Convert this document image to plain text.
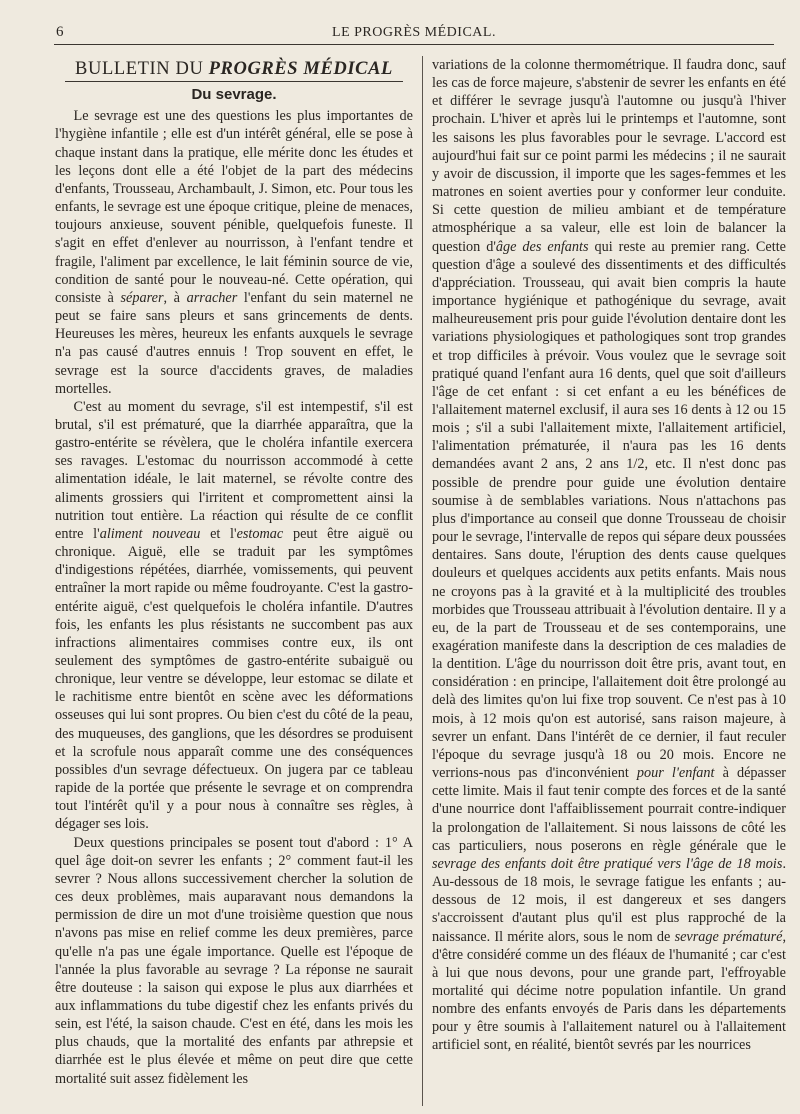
6	LE PROGRÈS MÉDICAL.
BULLETIN DU PROGRÈS MÉDICAL
Du sevrage.

Le sevrage est une des questions les plus importantes de l'hygiène infantile ; elle est d'un intérêt général, elle se pose à chaque instant dans la pratique, elle mérite donc les études et les leçons dont elle a été l'objet de la part des médecins d'enfants, Trousseau, Archambault, J. Simon, etc. Pour tous les enfants, le sevrage est une époque critique, pleine de menaces, toujours anxieuse, souvent pénible, quelquefois funeste. Il s'agit en effet d'enlever au nourrisson, à l'enfant tendre et fragile, l'aliment par excellence, le lait féminin source de vie, condition de santé pour le nouveau-né. Cette opération, qui consiste à séparer, à arracher l'enfant du sein maternel ne peut se faire sans pleurs et sans grincements de dents. Heureuses les mères, heureux les enfants auxquels le sevrage n'a pas causé d'autres ennuis ! Trop souvent en effet, le sevrage est la source d'accidents graves, de maladies mortelles.

C'est au moment du sevrage, s'il est intempestif, s'il est brutal, s'il est prématuré, que la diarrhée apparaîtra, que la gastro-entérite se révèlera, que le choléra infantile exercera ses ravages. L'estomac du nourrisson accommodé à cette alimentation idéale, le lait maternel, se révolte contre des aliments grossiers qui l'irritent et compromettent ainsi la nutrition tout entière. La réaction qui résulte de ce conflit entre l'aliment nouveau et l'estomac peut être aiguë ou chronique. Aiguë, elle se traduit par les symptômes d'indigestions répétées, diarrhée, vomissements, qui peuvent entraîner la mort rapide ou même foudroyante. C'est la gastro-entérite aiguë, c'est quelquefois le choléra infantile. D'autres fois, les enfants les plus résistants ne succombent pas aux infractions alimentaires commises contre eux, ils ont seulement des symptômes de gastro-entérite subaiguë ou chronique, leur ventre se développe, leur estomac se dilate et le rachitisme entre bientôt en scène avec les déformations osseuses qui lui sont propres. Ou bien c'est du côté de la peau, des muqueuses, des ganglions, que les désordres se produisent et la scrofule nous apparaît comme une des conséquences possibles d'un sevrage défectueux. On jugera par ce tableau rapide de la portée que présente le sevrage et on comprendra tout l'intérêt qu'il y a pour nous à connaître ses règles, à dégager ses lois.

Deux questions principales se posent tout d'abord : 1° A quel âge doit-on sevrer les enfants ; 2° comment faut-il les sevrer ? Nous allons successivement chercher la solution de ces deux problèmes, mais auparavant nous demandons la permission de dire un mot d'une troisième question que nous n'avons pas mise en relief comme les deux premières, parce qu'elle n'a pas une égale importance. Quelle est l'époque de l'année la plus favorable au sevrage ? La réponse ne saurait être douteuse : la saison qui expose le plus aux diarrhées et aux inflammations du tube digestif chez les enfants privés du sein, est l'été, la saison chaude. C'est en été, dans les mois les plus chauds, que la mortalité des enfants par athrepsie et diarrhée est le plus élevée et même on peut dire que cette mortalité suit assez fidèlement les

variations de la colonne thermométrique. Il faudra donc, sauf les cas de force majeure, s'abstenir de sevrer les enfants en été et différer le sevrage jusqu'à l'automne ou jusqu'à l'hiver prochain. L'hiver et après lui le printemps et l'automne, sont les saisons les plus favorables pour le sevrage. L'accord est aujourd'hui fait sur ce point parmi les médecins ; il ne saurait y avoir de discussion, il importe que les sages-femmes et les matrones en soient averties pour y conformer leur conduite. Si cette question de milieu ambiant et de température atmosphérique a sa valeur, elle est loin de balancer la question d'âge des enfants qui reste au premier rang. Cette question d'âge a soulevé des dissentiments et des difficultés d'appréciation. Trousseau, qui avait bien compris la haute importance hygiénique et pathogénique du sevrage, avait malheureusement pris pour guide l'évolution dentaire dont les variations physiologiques et pathologiques sont trop grandes et trop difficiles à prévoir. Vous voulez que le sevrage soit pratiqué quand l'enfant aura 16 dents, quel que soit d'ailleurs l'âge de cet enfant : si cet enfant a eu les bénéfices de l'allaitement maternel exclusif, il aura ses 16 dents à 12 ou 15 mois ; s'il a subi l'allaitement mixte, l'allaitement artificiel, l'alimentation prématurée, il n'aura pas les 16 dents demandées avant 2 ans, 2 ans 1/2, etc. Il n'est donc pas possible de prendre pour guide une évolution dentaire soumise à de semblables variations. Nous n'attachons pas plus d'importance au conseil que donne Trousseau de choisir pour le sevrage, l'intervalle de repos qui sépare deux poussées dentaires. Sans doute, l'éruption des dents cause quelques douleurs et quelques accidents aux petits enfants. Mais nous ne croyons pas à la gravité et à la multiplicité des troubles morbides que Trousseau attribuait à l'évolution dentaire. Il y a eu, de la part de Trousseau et de ses contemporains, une exagération manifeste dans la description de ces maladies de la dentition. L'âge du nourrisson doit être pris, avant tout, en considération : en principe, l'allaitement doit être prolongé au delà des limites qu'on lui fixe trop souvent. Ce n'est pas à 10 mois, à 12 mois qu'on est autorisé, sans raison majeure, à sevrer un enfant. Dans l'intérêt de ce dernier, il faut reculer l'époque du sevrage jusqu'à 18 ou 20 mois. Encore ne verrions-nous pas d'inconvénient pour l'enfant à dépasser cette limite. Mais il faut tenir compte des forces et de la santé d'une nourrice dont l'affaiblissement pourrait contre-indiquer la prolongation de l'allaitement. Si nous laissons de côté les cas particuliers, nous poserons en règle générale que le sevrage des enfants doit être pratiqué vers l'âge de 18 mois. Au-dessous de 18 mois, le sevrage fatigue les enfants ; au-dessous de 12 mois, il est dangereux et ses dangers s'accroissent d'autant plus qu'il est plus rapproché de la naissance. Il mérite alors, sous le nom de sevrage prématuré, d'être considéré comme un des fléaux de l'humanité ; car c'est à lui que nous devons, pour une grande part, l'effroyable mortalité qui décime notre population infantile. Un grand nombre des enfants envoyés de Paris dans les départements pour y être soumis à l'allaitement naturel ou à l'allaitement artificiel sont, en réalité, bientôt sevrés par les nourrices
